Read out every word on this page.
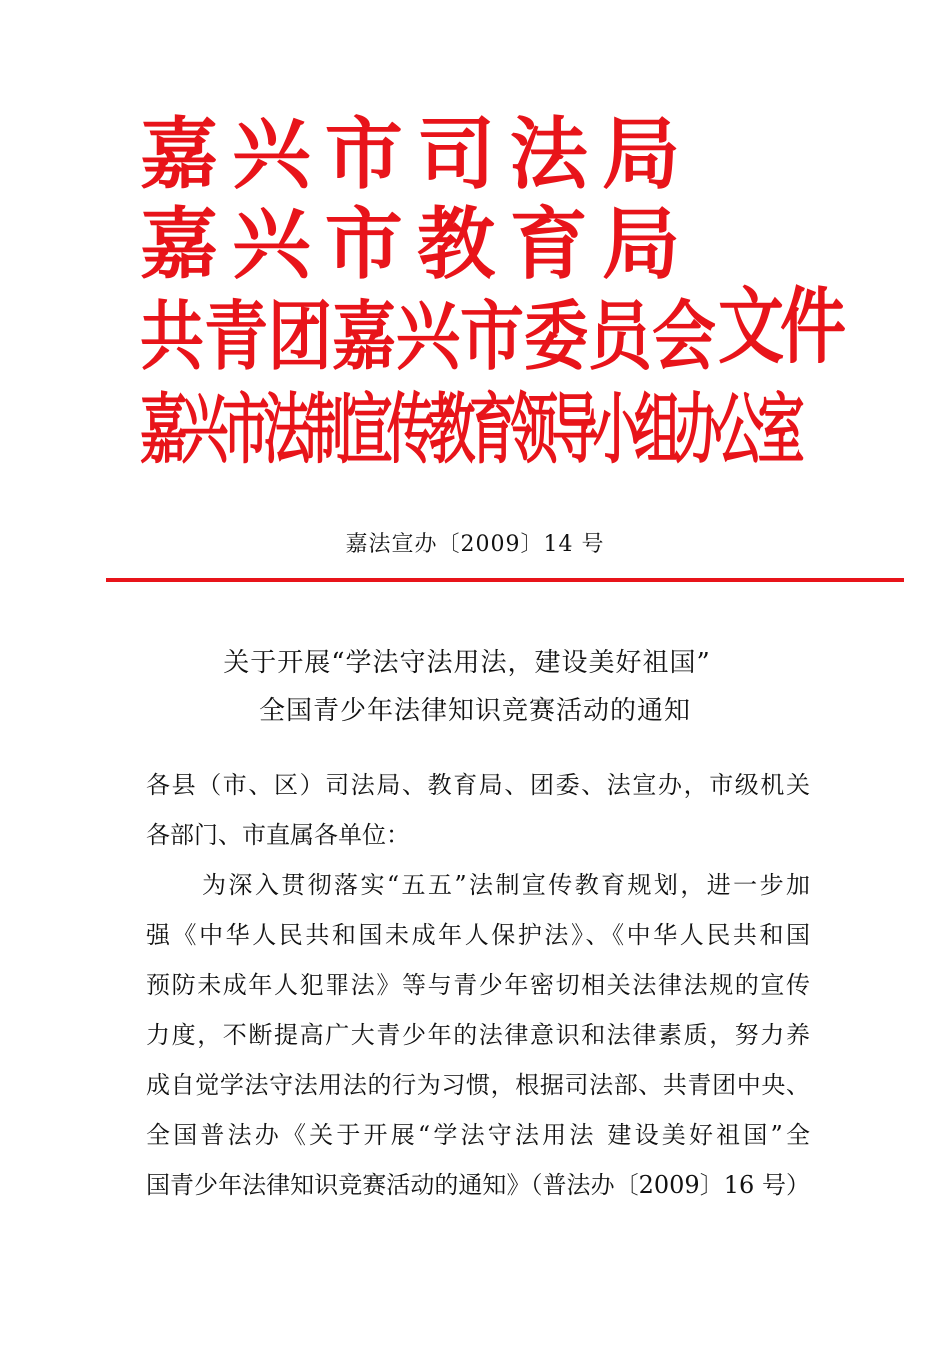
嘉 兴 市 司 法 局
嘉 兴 市 教 育 局
共 青 团 嘉 兴 市 委 员 会
嘉 兴 市 法 制 宣 传 教 育 领 导 小 组 办 公 室
文件
嘉法宣办〔2009〕14 号
关于开展“学法守法用法，建设美好祖国”
全国青少年法律知识竞赛活动的通知
各县（市、区）司法局、教育局、团委、法宣办，市级机关
各部门、市直属各单位：
为深入贯彻落实“五五”法制宣传教育规划，进一步加
强《中华人民共和国未成年人保护法》、《中华人民共和国
预防未成年人犯罪法》等与青少年密切相关法律法规的宣传
力度，不断提高广大青少年的法律意识和法律素质，努力养
成自觉学法守法用法的行为习惯，根据司法部、共青团中央、
全国普法办《关于开展“学法守法用法 建设美好祖国”全
国青少年法律知识竞赛活动的通知》（普法办〔2009〕16 号）
